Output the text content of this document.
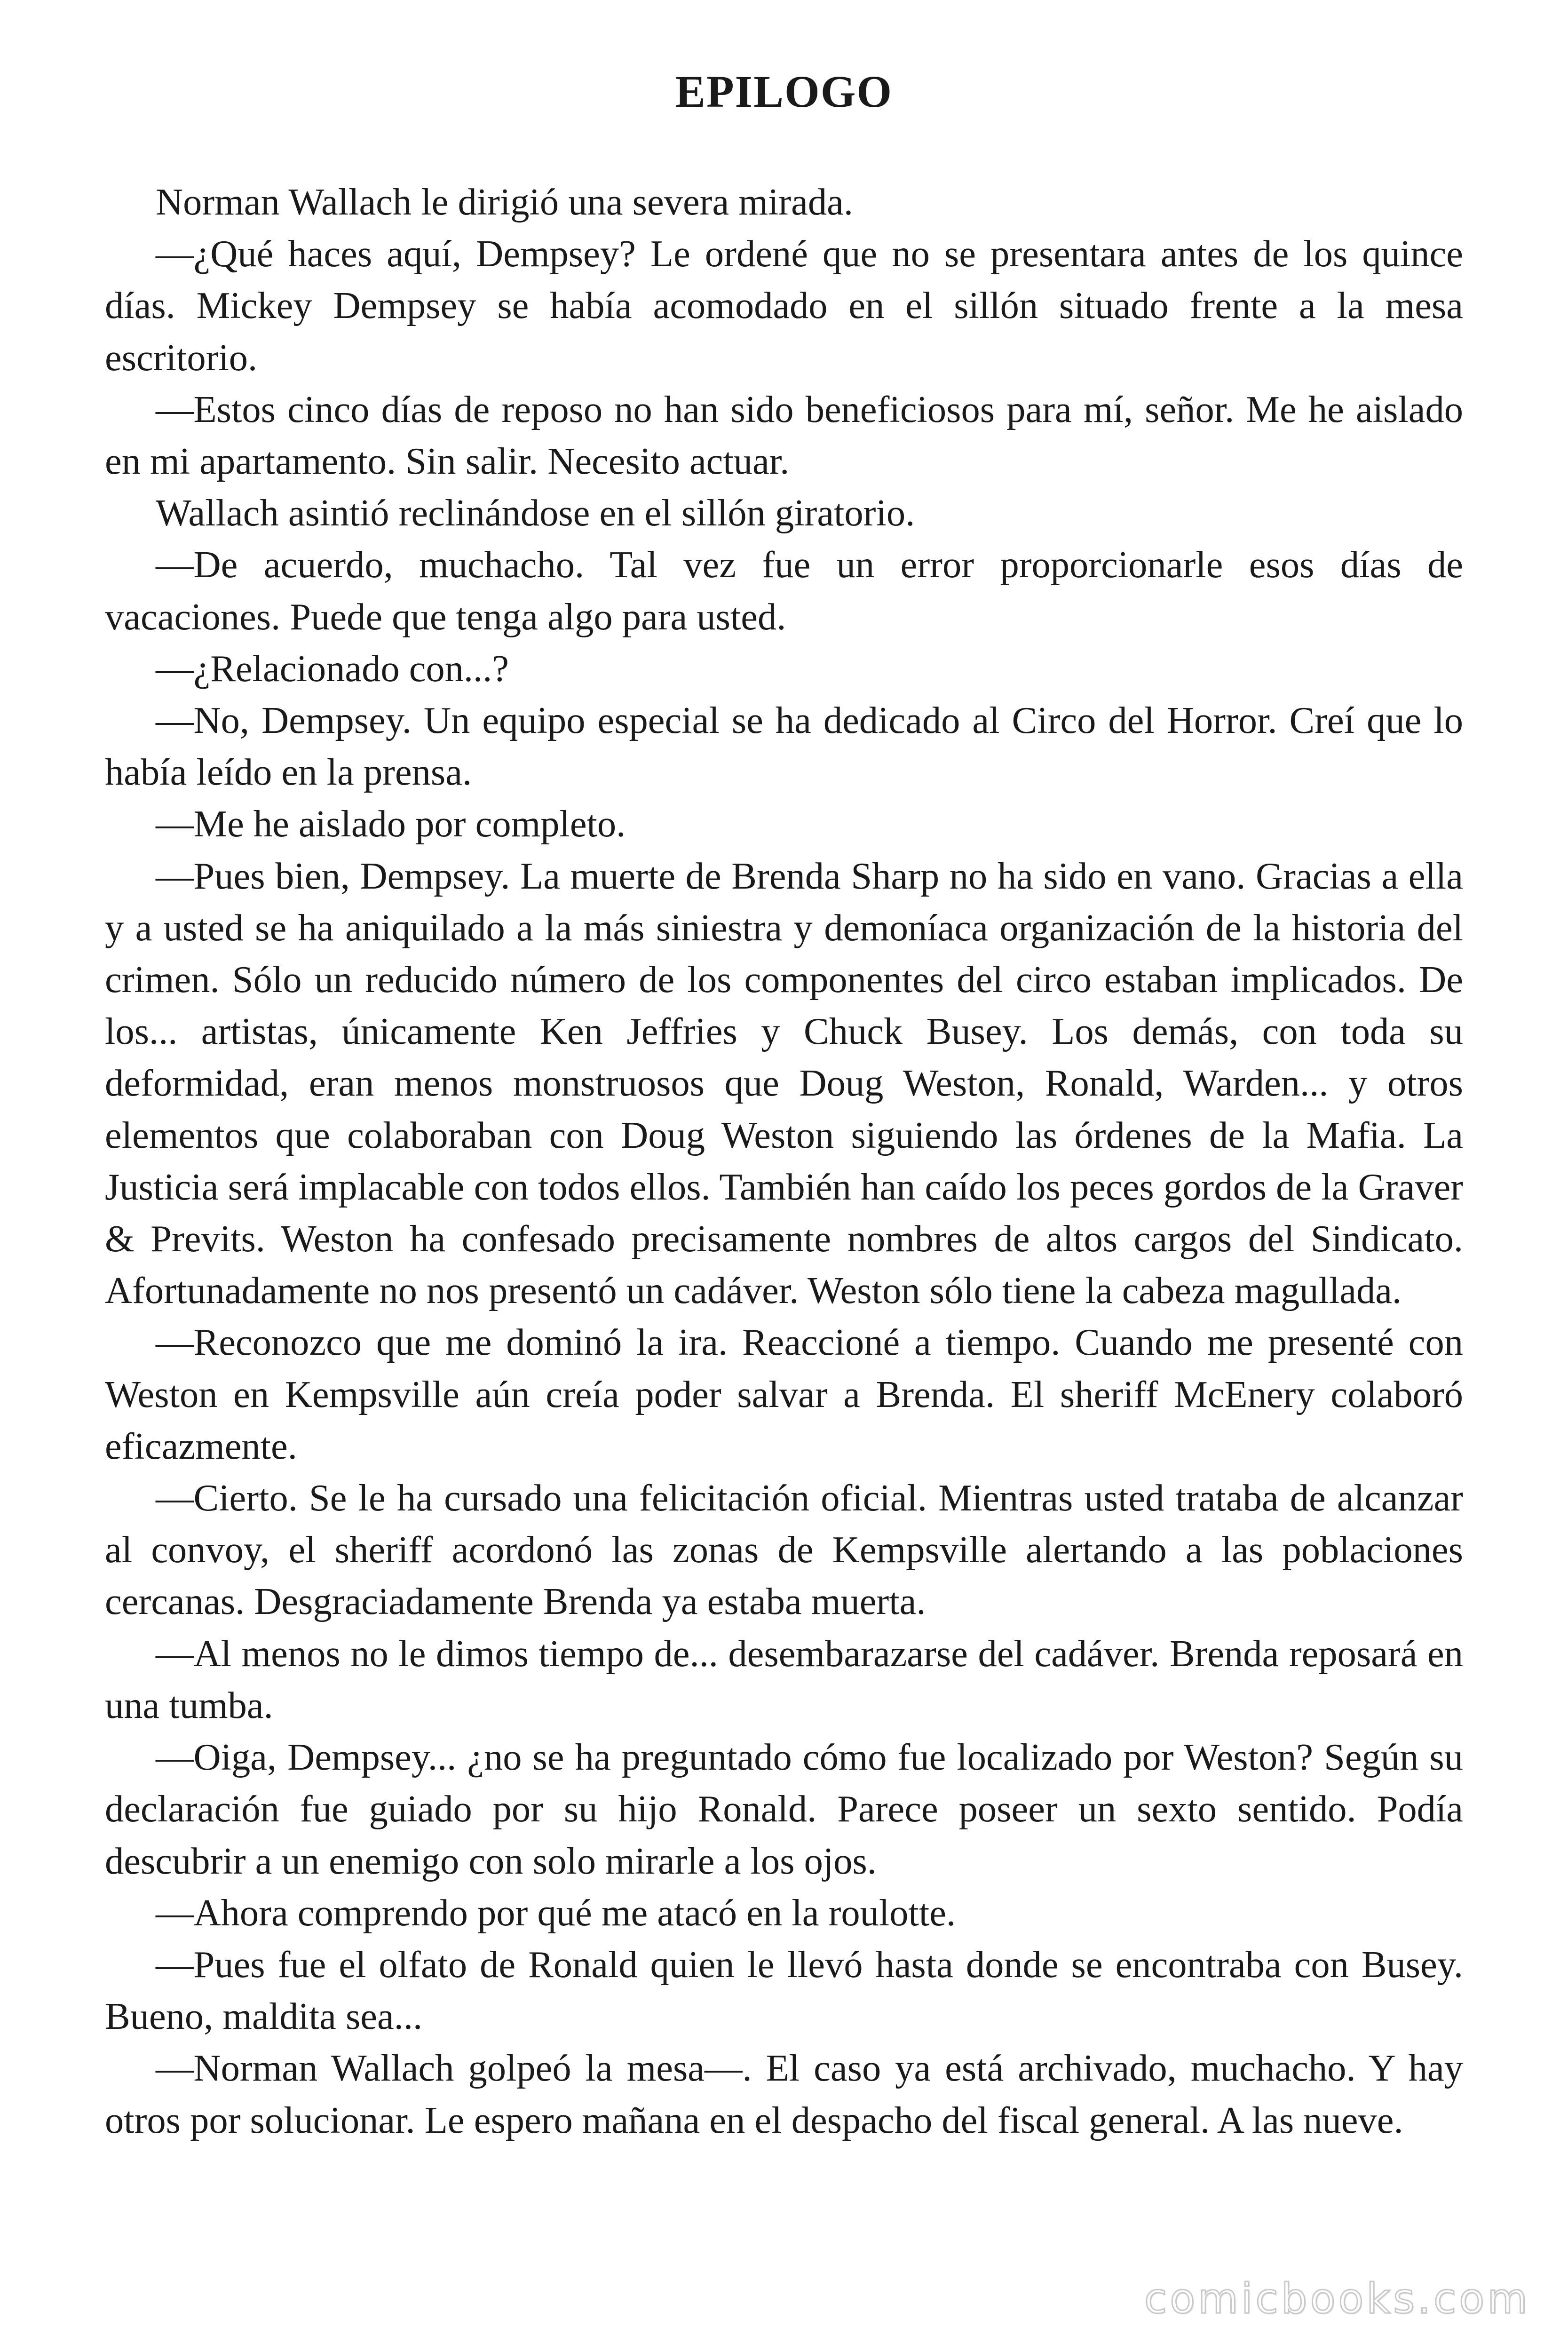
EPILOGO

Norman Wallach le dirigió una severa mirada.

—¿Qué haces aquí, Dempsey? Le ordené que no se presentara antes de los quince días. Mickey Dempsey se había acomodado en el sillón situado frente a la mesa escritorio.

—Estos cinco días de reposo no han sido beneficiosos para mí, señor. Me he aislado en mi apartamento. Sin salir. Necesito actuar.

Wallach asintió reclinándose en el sillón giratorio.

—De acuerdo, muchacho. Tal vez fue un error proporcionarle esos días de vacaciones. Puede que tenga algo para usted.

—¿Relacionado con...?

—No, Dempsey. Un equipo especial se ha dedicado al Circo del Horror. Creí que lo había leído en la prensa.

—Me he aislado por completo.

—Pues bien, Dempsey. La muerte de Brenda Sharp no ha sido en vano. Gracias a ella y a usted se ha aniquilado a la más siniestra y demoníaca organización de la historia del crimen. Sólo un reducido número de los componentes del circo estaban implicados. De los... artistas, únicamente Ken Jeffries y Chuck Busey. Los demás, con toda su deformidad, eran menos monstruosos que Doug Weston, Ronald, Warden... y otros elementos que colaboraban con Doug Weston siguiendo las órdenes de la Mafia. La Justicia será implacable con todos ellos. También han caído los peces gordos de la Graver & Previts. Weston ha confesado precisamente nombres de altos cargos del Sindicato. Afortunadamente no nos presentó un cadáver. Weston sólo tiene la cabeza magullada.

—Reconozco que me dominó la ira. Reaccioné a tiempo. Cuando me presenté con Weston en Kempsville aún creía poder salvar a Brenda. El sheriff McEnery colaboró eficazmente.

—Cierto. Se le ha cursado una felicitación oficial. Mientras usted trataba de alcanzar al convoy, el sheriff acordonó las zonas de Kempsville alertando a las poblaciones cercanas. Desgraciadamente Brenda ya estaba muerta.

—Al menos no le dimos tiempo de... desembarazarse del cadáver. Brenda reposará en una tumba.

—Oiga, Dempsey... ¿no se ha preguntado cómo fue localizado por Weston? Según su declaración fue guiado por su hijo Ronald. Parece poseer un sexto sentido. Podía descubrir a un enemigo con solo mirarle a los ojos.

—Ahora comprendo por qué me atacó en la roulotte.

—Pues fue el olfato de Ronald quien le llevó hasta donde se encontraba con Busey. Bueno, maldita sea...

—Norman Wallach golpeó la mesa—. El caso ya está archivado, muchacho. Y hay otros por solucionar. Le espero mañana en el despacho del fiscal general. A las nueve.

comicbooks.com
